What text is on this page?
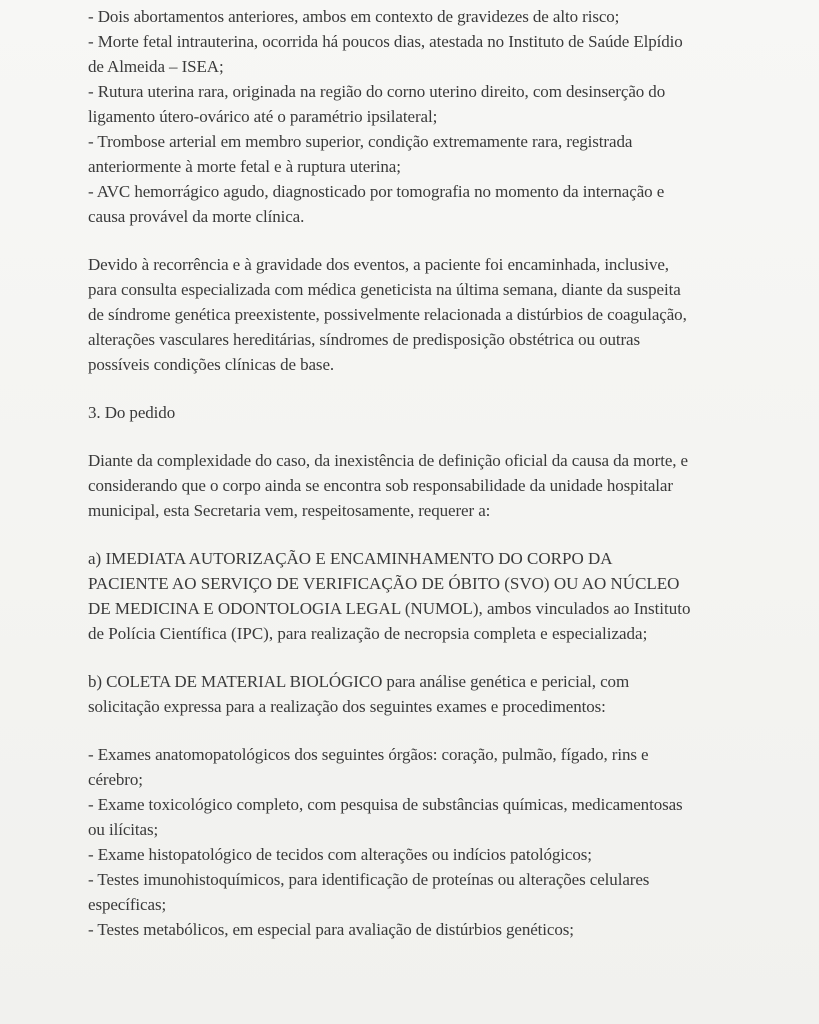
- Dois abortamentos anteriores, ambos em contexto de gravidezes de alto risco;
- Morte fetal intrauterina, ocorrida há poucos dias, atestada no Instituto de Saúde Elpídio
de Almeida – ISEA;
- Rutura uterina rara, originada na região do corno uterino direito, com desinserção do
ligamento útero-ovárico até o paramétrio ipsilateral;
- Trombose arterial em membro superior, condição extremamente rara, registrada
anteriormente à morte fetal e à ruptura uterina;
- AVC hemorrágico agudo, diagnosticado por tomografia no momento da internação e
causa provável da morte clínica.
Devido à recorrência e à gravidade dos eventos, a paciente foi encaminhada, inclusive,
para consulta especializada com médica geneticista na última semana, diante da suspeita
de síndrome genética preexistente, possivelmente relacionada a distúrbios de coagulação,
alterações vasculares hereditárias, síndromes de predisposição obstétrica ou outras
possíveis condições clínicas de base.
3. Do pedido
Diante da complexidade do caso, da inexistência de definição oficial da causa da morte, e
considerando que o corpo ainda se encontra sob responsabilidade da unidade hospitalar
municipal, esta Secretaria vem, respeitosamente, requerer a:
a) IMEDIATA AUTORIZAÇÃO E ENCAMINHAMENTO DO CORPO DA
PACIENTE AO SERVIÇO DE VERIFICAÇÃO DE ÓBITO (SVO) OU AO NÚCLEO
DE MEDICINA E ODONTOLOGIA LEGAL (NUMOL), ambos vinculados ao Instituto
de Polícia Científica (IPC), para realização de necropsia completa e especializada;
b) COLETA DE MATERIAL BIOLÓGICO para análise genética e pericial, com
solicitação expressa para a realização dos seguintes exames e procedimentos:
- Exames anatomopatológicos dos seguintes órgãos: coração, pulmão, fígado, rins e
cérebro;
- Exame toxicológico completo, com pesquisa de substâncias químicas, medicamentosas
ou ilícitas;
- Exame histopatológico de tecidos com alterações ou indícios patológicos;
- Testes imunohistoquímicos, para identificação de proteínas ou alterações celulares
específicas;
- Testes metabólicos, em especial para avaliação de distúrbios genéticos;
